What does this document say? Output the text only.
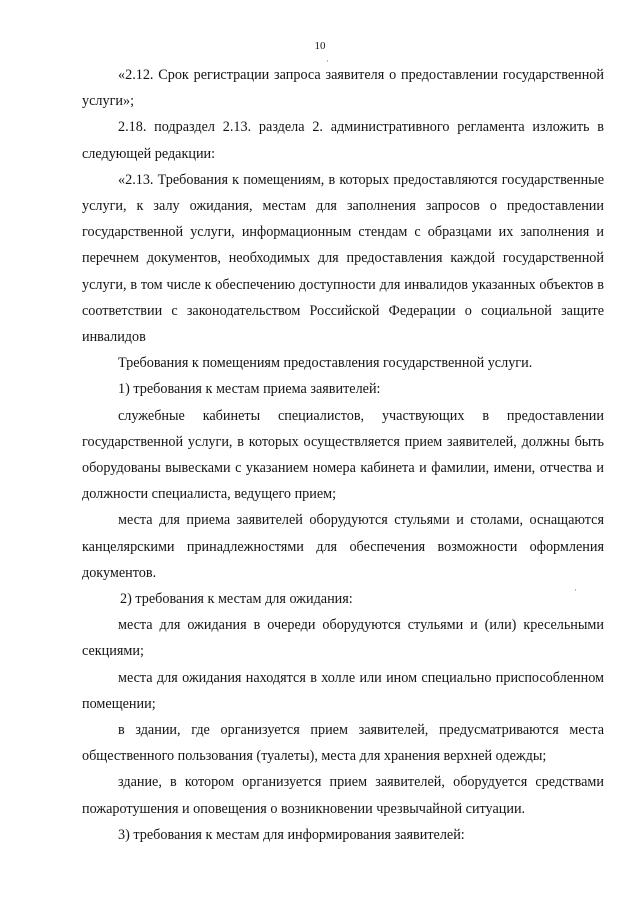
10

«2.12. Срок регистрации запроса заявителя о предоставлении государственной услуги»;

2.18. подраздел 2.13. раздела 2. административного регламента изложить в следующей редакции:

«2.13. Требования к помещениям, в которых предоставляются государственные услуги, к залу ожидания, местам для заполнения запросов о предоставлении государственной услуги, информационным стендам с образцами их заполнения и перечнем документов, необходимых для предоставления каждой государственной услуги, в том числе к обеспечению доступности для инвалидов указанных объектов в соответствии с законодательством Российской Федерации о социальной защите инвалидов

Требования к помещениям предоставления государственной услуги.

1) требования к местам приема заявителей:

служебные кабинеты специалистов, участвующих в предоставлении государственной услуги, в которых осуществляется прием заявителей, должны быть оборудованы вывесками с указанием номера кабинета и фамилии, имени, отчества и должности специалиста, ведущего прием;

места для приема заявителей оборудуются стульями и столами, оснащаются канцелярскими принадлежностями для обеспечения возможности оформления документов.

2) требования к местам для ожидания:

места для ожидания в очереди оборудуются стульями и (или) кресельными секциями;

места для ожидания находятся в холле или ином специально приспособленном помещении;

в здании, где организуется прием заявителей, предусматриваются места общественного пользования (туалеты), места для хранения верхней одежды;

здание, в котором организуется прием заявителей, оборудуется средствами пожаротушения и оповещения о возникновении чрезвычайной ситуации.

3) требования к местам для информирования заявителей:

·
·
